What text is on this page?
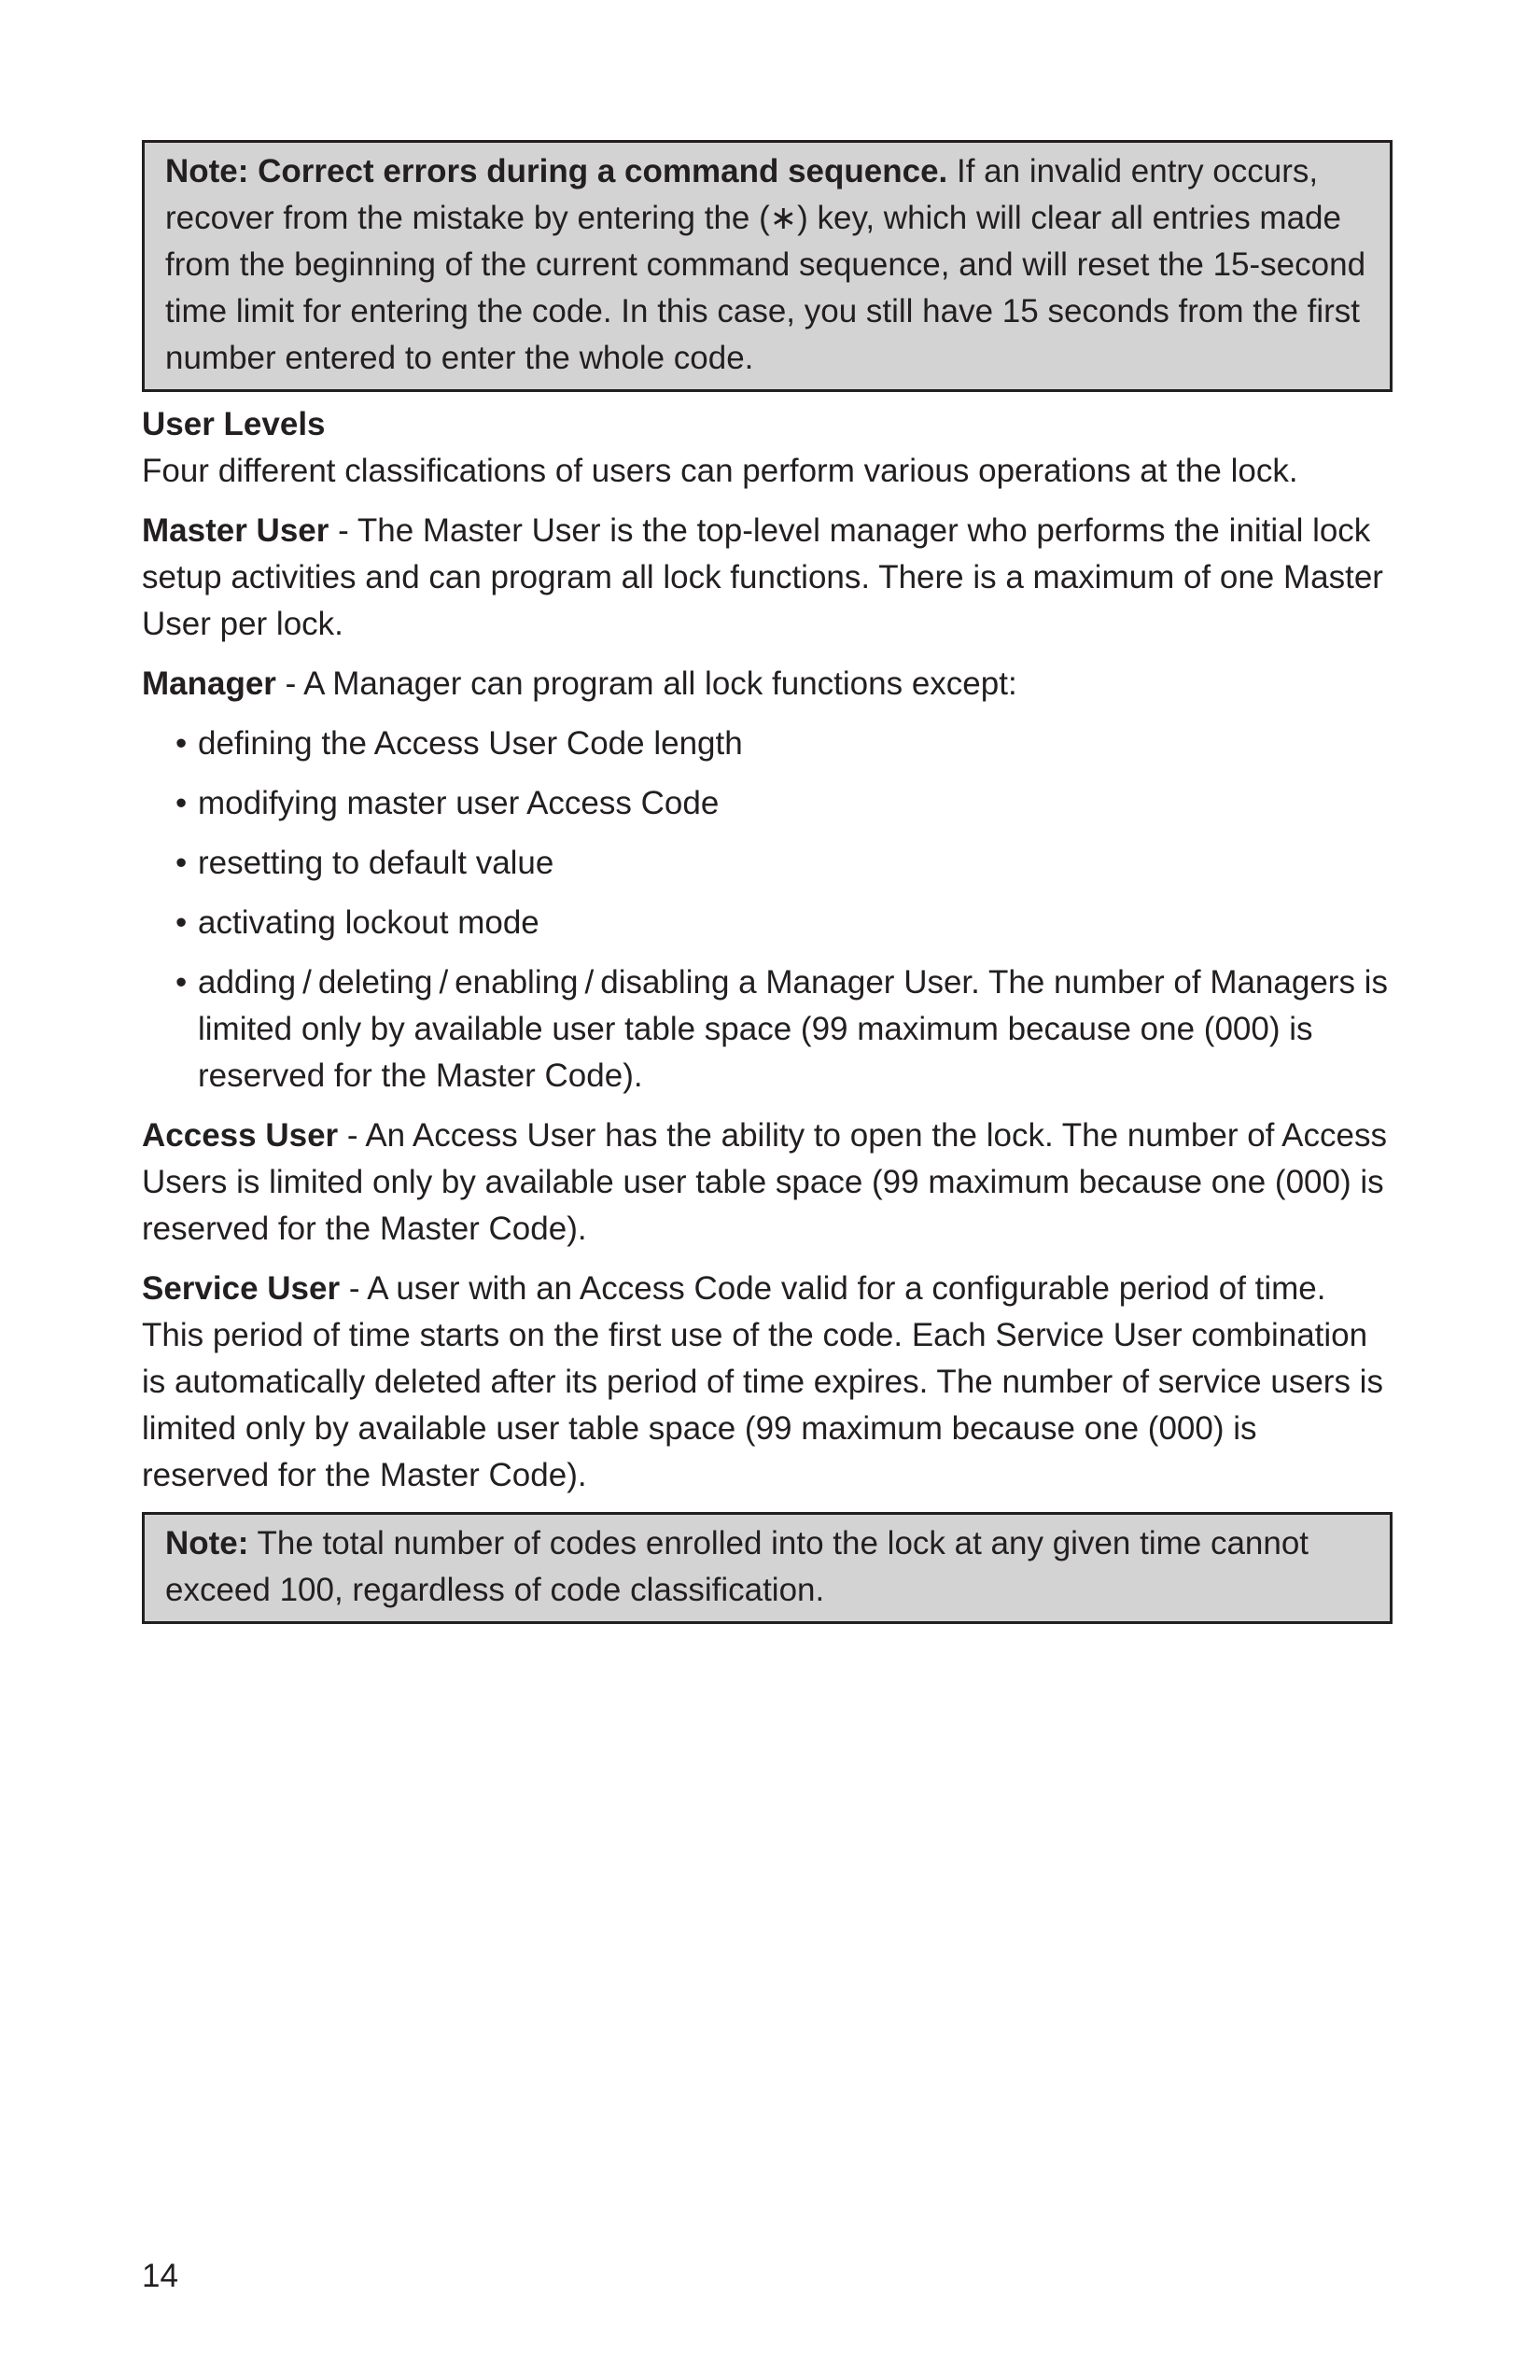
Note: Correct errors during a command sequence. If an invalid entry occurs, recover from the mistake by entering the (∗) key, which will clear all entries made from the beginning of the current command sequence, and will reset the 15-second time limit for entering the code. In this case, you still have 15 seconds from the first number entered to enter the whole code.
User Levels

Four different classifications of users can perform various operations at the lock.

Master User - The Master User is the top-level manager who performs the initial lock setup activities and can program all lock functions. There is a maximum of one Master User per lock.

Manager - A Manager can program all lock functions except:

• defining the Access User Code length
• modifying master user Access Code
• resetting to default value
• activating lockout mode
• adding / deleting / enabling / disabling a Manager User. The number of Managers is limited only by available user table space (99 maximum because one (000) is reserved for the Master Code).

Access User - An Access User has the ability to open the lock. The number of Access Users is limited only by available user table space (99 maximum because one (000) is reserved for the Master Code).

Service User - A user with an Access Code valid for a configurable period of time. This period of time starts on the first use of the code. Each Service User combination is automatically deleted after its period of time expires. The number of service users is limited only by available user table space (99 maximum because one (000) is reserved for the Master Code).

Note: The total number of codes enrolled into the lock at any given time cannot exceed 100, regardless of code classification.
14
